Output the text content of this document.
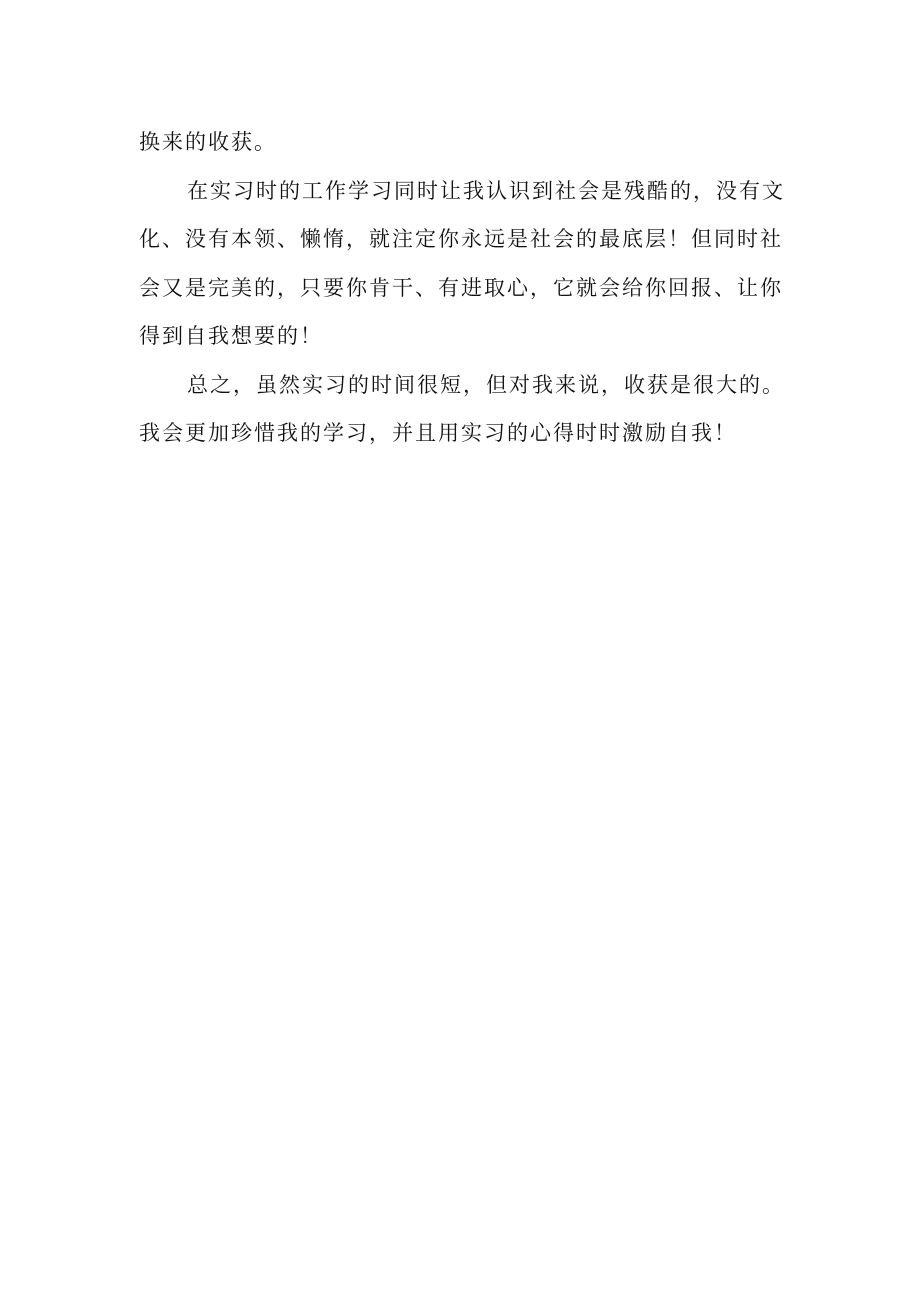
换来的收获。

在实习时的工作学习同时让我认识到社会是残酷的，没有文

化、没有本领、懒惰，就注定你永远是社会的最底层！但同时社

会又是完美的，只要你肯干、有进取心，它就会给你回报、让你

得到自我想要的！

总之，虽然实习的时间很短，但对我来说，收获是很大的。

我会更加珍惜我的学习，并且用实习的心得时时激励自我！
